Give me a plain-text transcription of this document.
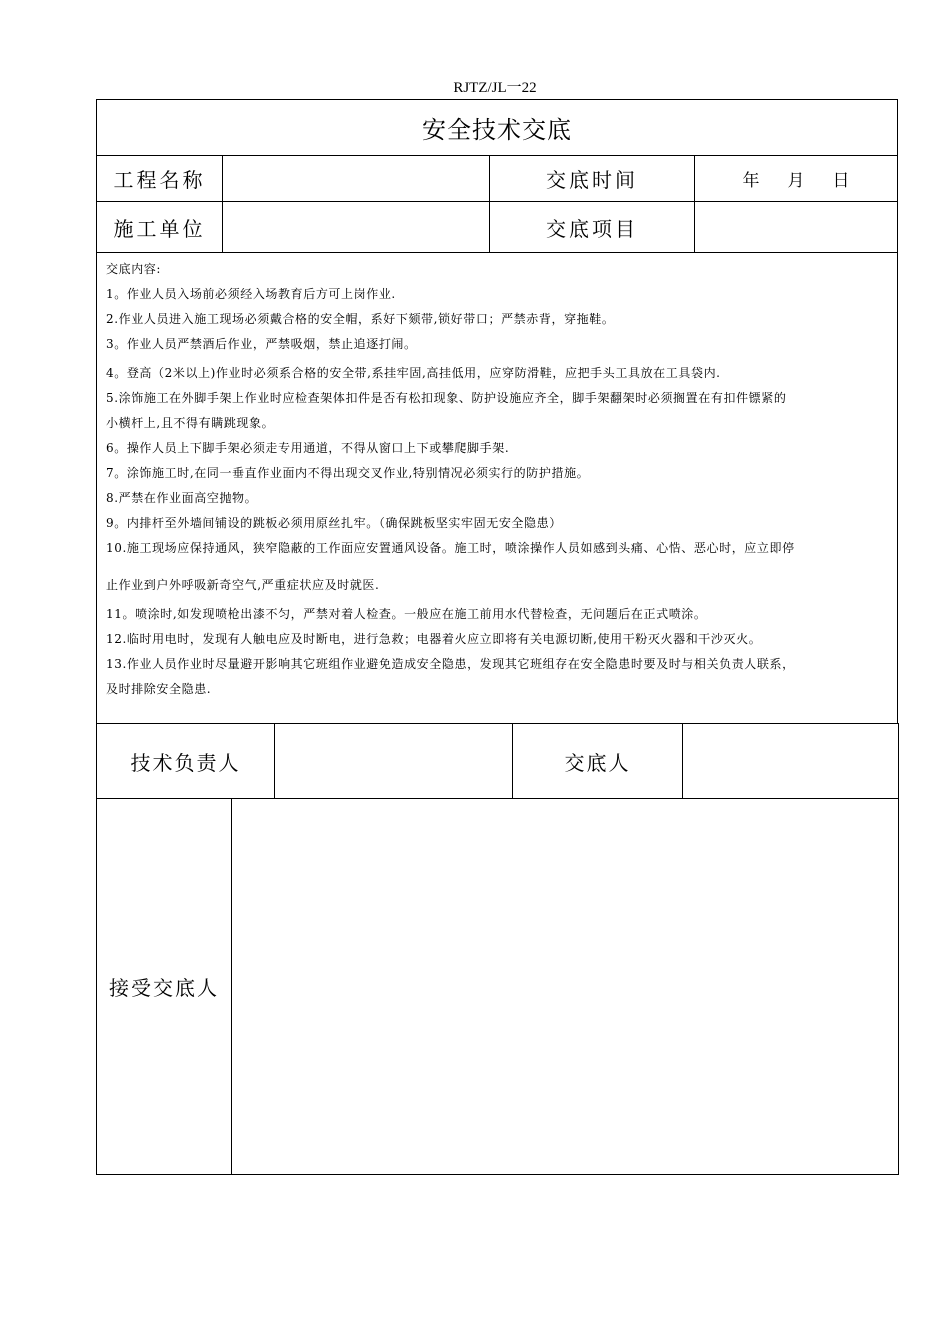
RJTZ/JL一22
安全技术交底
工程名称	交底时间	年 月 日
施工单位	交底项目

交底内容:

1。作业人员入场前必须经入场教育后方可上岗作业.

2.作业人员进入施工现场必须戴合格的安全帽，系好下颏带,锁好带口；严禁赤背，穿拖鞋。

3。作业人员严禁酒后作业，严禁吸烟，禁止追逐打闹。

4。登高（2米以上)作业时必须系合格的安全带,系挂牢固,高挂低用，应穿防滑鞋，应把手头工具放在工具袋内.

5.涂饰施工在外脚手架上作业时应检查架体扣件是否有松扣现象、防护设施应齐全，脚手架翻架时必须搁置在有扣件镖紧的

小横杆上,且不得有瞒跳现象。

6。操作人员上下脚手架必须走专用通道，不得从窗口上下或攀爬脚手架.

7。涂饰施工时,在同一垂直作业面内不得出现交叉作业,特别情况必须实行的防护措施。

8.严禁在作业面高空抛物。

9。内排杆至外墙间铺设的跳板必须用原丝扎牢。（确保跳板坚实牢固无安全隐患）

10.施工现场应保持通风，狭窄隐蔽的工作面应安置通风设备。施工时，喷涂操作人员如感到头痛、心悎、恶心时，应立即停

止作业到户外呼吸新奇空气,严重症状应及时就医.

11。喷涂时,如发现喷枪出漆不匀，严禁对着人检查。一般应在施工前用水代替检查，无问题后在正式喷涂。

12.临时用电时，发现有人触电应及时断电，进行急救；电器着火应立即将有关电源切断,使用干粉灭火器和干沙灭火。

13.作业人员作业时尽量避开影响其它班组作业避免造成安全隐患，发现其它班组存在安全隐患时要及时与相关负责人联系，

及时排除安全隐患.

技术负责人	交底人
接受交底人
